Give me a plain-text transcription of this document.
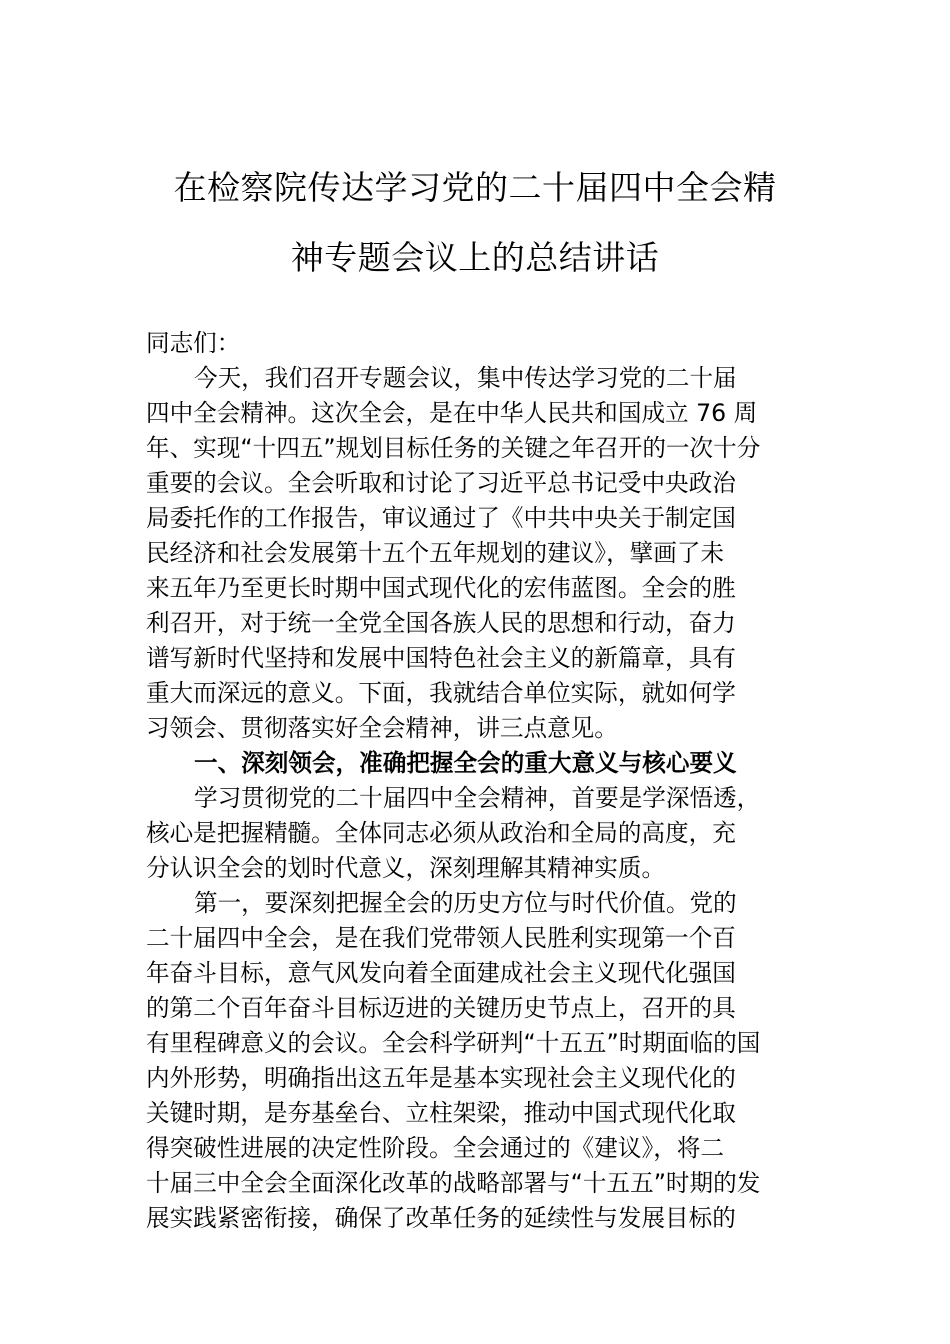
在检察院传达学习党的二十届四中全会精
神专题会议上的总结讲话
同志们：
今天，我们召开专题会议，集中传达学习党的二十届
四中全会精神。这次全会，是在中华人民共和国成立 76 周
年、实现“十四五”规划目标任务的关键之年召开的一次十分
重要的会议。全会听取和讨论了习近平总书记受中央政治
局委托作的工作报告，审议通过了《中共中央关于制定国
民经济和社会发展第十五个五年规划的建议》，擘画了未
来五年乃至更长时期中国式现代化的宏伟蓝图。全会的胜
利召开，对于统一全党全国各族人民的思想和行动，奋力
谱写新时代坚持和发展中国特色社会主义的新篇章，具有
重大而深远的意义。下面，我就结合单位实际，就如何学
习领会、贯彻落实好全会精神，讲三点意见。
一、深刻领会，准确把握全会的重大意义与核心要义
学习贯彻党的二十届四中全会精神，首要是学深悟透，
核心是把握精髓。全体同志必须从政治和全局的高度，充
分认识全会的划时代意义，深刻理解其精神实质。
第一，要深刻把握全会的历史方位与时代价值。党的
二十届四中全会，是在我们党带领人民胜利实现第一个百
年奋斗目标，意气风发向着全面建成社会主义现代化强国
的第二个百年奋斗目标迈进的关键历史节点上，召开的具
有里程碑意义的会议。全会科学研判“十五五”时期面临的国
内外形势，明确指出这五年是基本实现社会主义现代化的
关键时期，是夯基垒台、立柱架梁，推动中国式现代化取
得突破性进展的决定性阶段。全会通过的《建议》，将二
十届三中全会全面深化改革的战略部署与“十五五”时期的发
展实践紧密衔接，确保了改革任务的延续性与发展目标的
